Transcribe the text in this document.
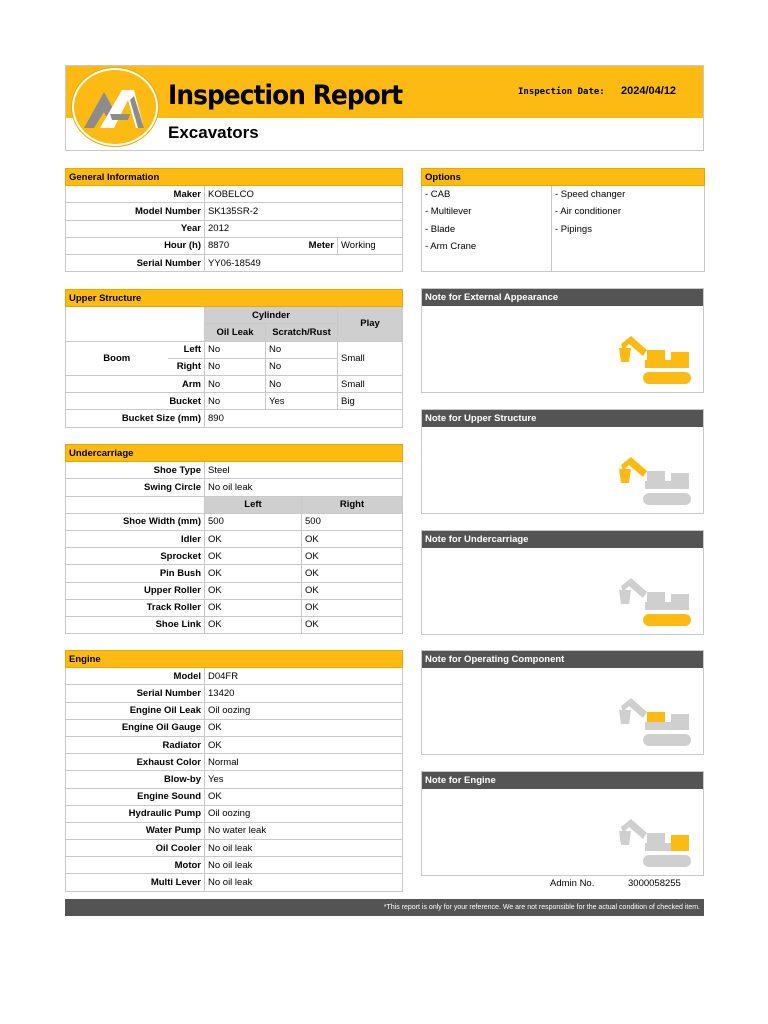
Inspection Report	Inspection Date: 2024/04/12
Excavators
General Information			
Maker	KOBELCO		
Model Number	SK135SR-2		
Year	2012		
Hour (h)	8870	Meter	Working
Serial Number	YY06-18549		
Options

- CAB
- Multilever
- Blade
- Arm Crane

- Speed changer
- Air conditioner
- Pipings
Upper Structure				
		Cylinder		Play
		Oil Leak	Scratch/Rust	
Boom	Left	No	No	Small
	Right	No	No	
Arm		No	No	Small
Bucket		No	Yes	Big
Bucket Size (mm)		890		
Undercarriage		
Shoe Type	Steel	
Swing Circle	No oil leak	
	Left	Right
Shoe Width (mm)	500	500
Idler	OK	OK
Sprocket	OK	OK
Pin Bush	OK	OK
Upper Roller	OK	OK
Track Roller	OK	OK
Shoe Link	OK	OK
Engine	
Model	D04FR
Serial Number	13420
Engine Oil Leak	Oil oozing
Engine Oil Gauge	OK
Radiator	OK
Exhaust Color	Normal
Blow-by	Yes
Engine Sound	OK
Hydraulic Pump	Oil oozing
Water Pump	No water leak
Oil Cooler	No oil leak
Motor	No oil leak
Multi Lever	No oil leak
Note for External Appearance
Note for Upper Structure
Note for Undercarriage
Note for Operating Component
Note for Engine
Admin No.	3000058255
*This report is only for your reference. We are not responsible for the actual condition of checked item.
